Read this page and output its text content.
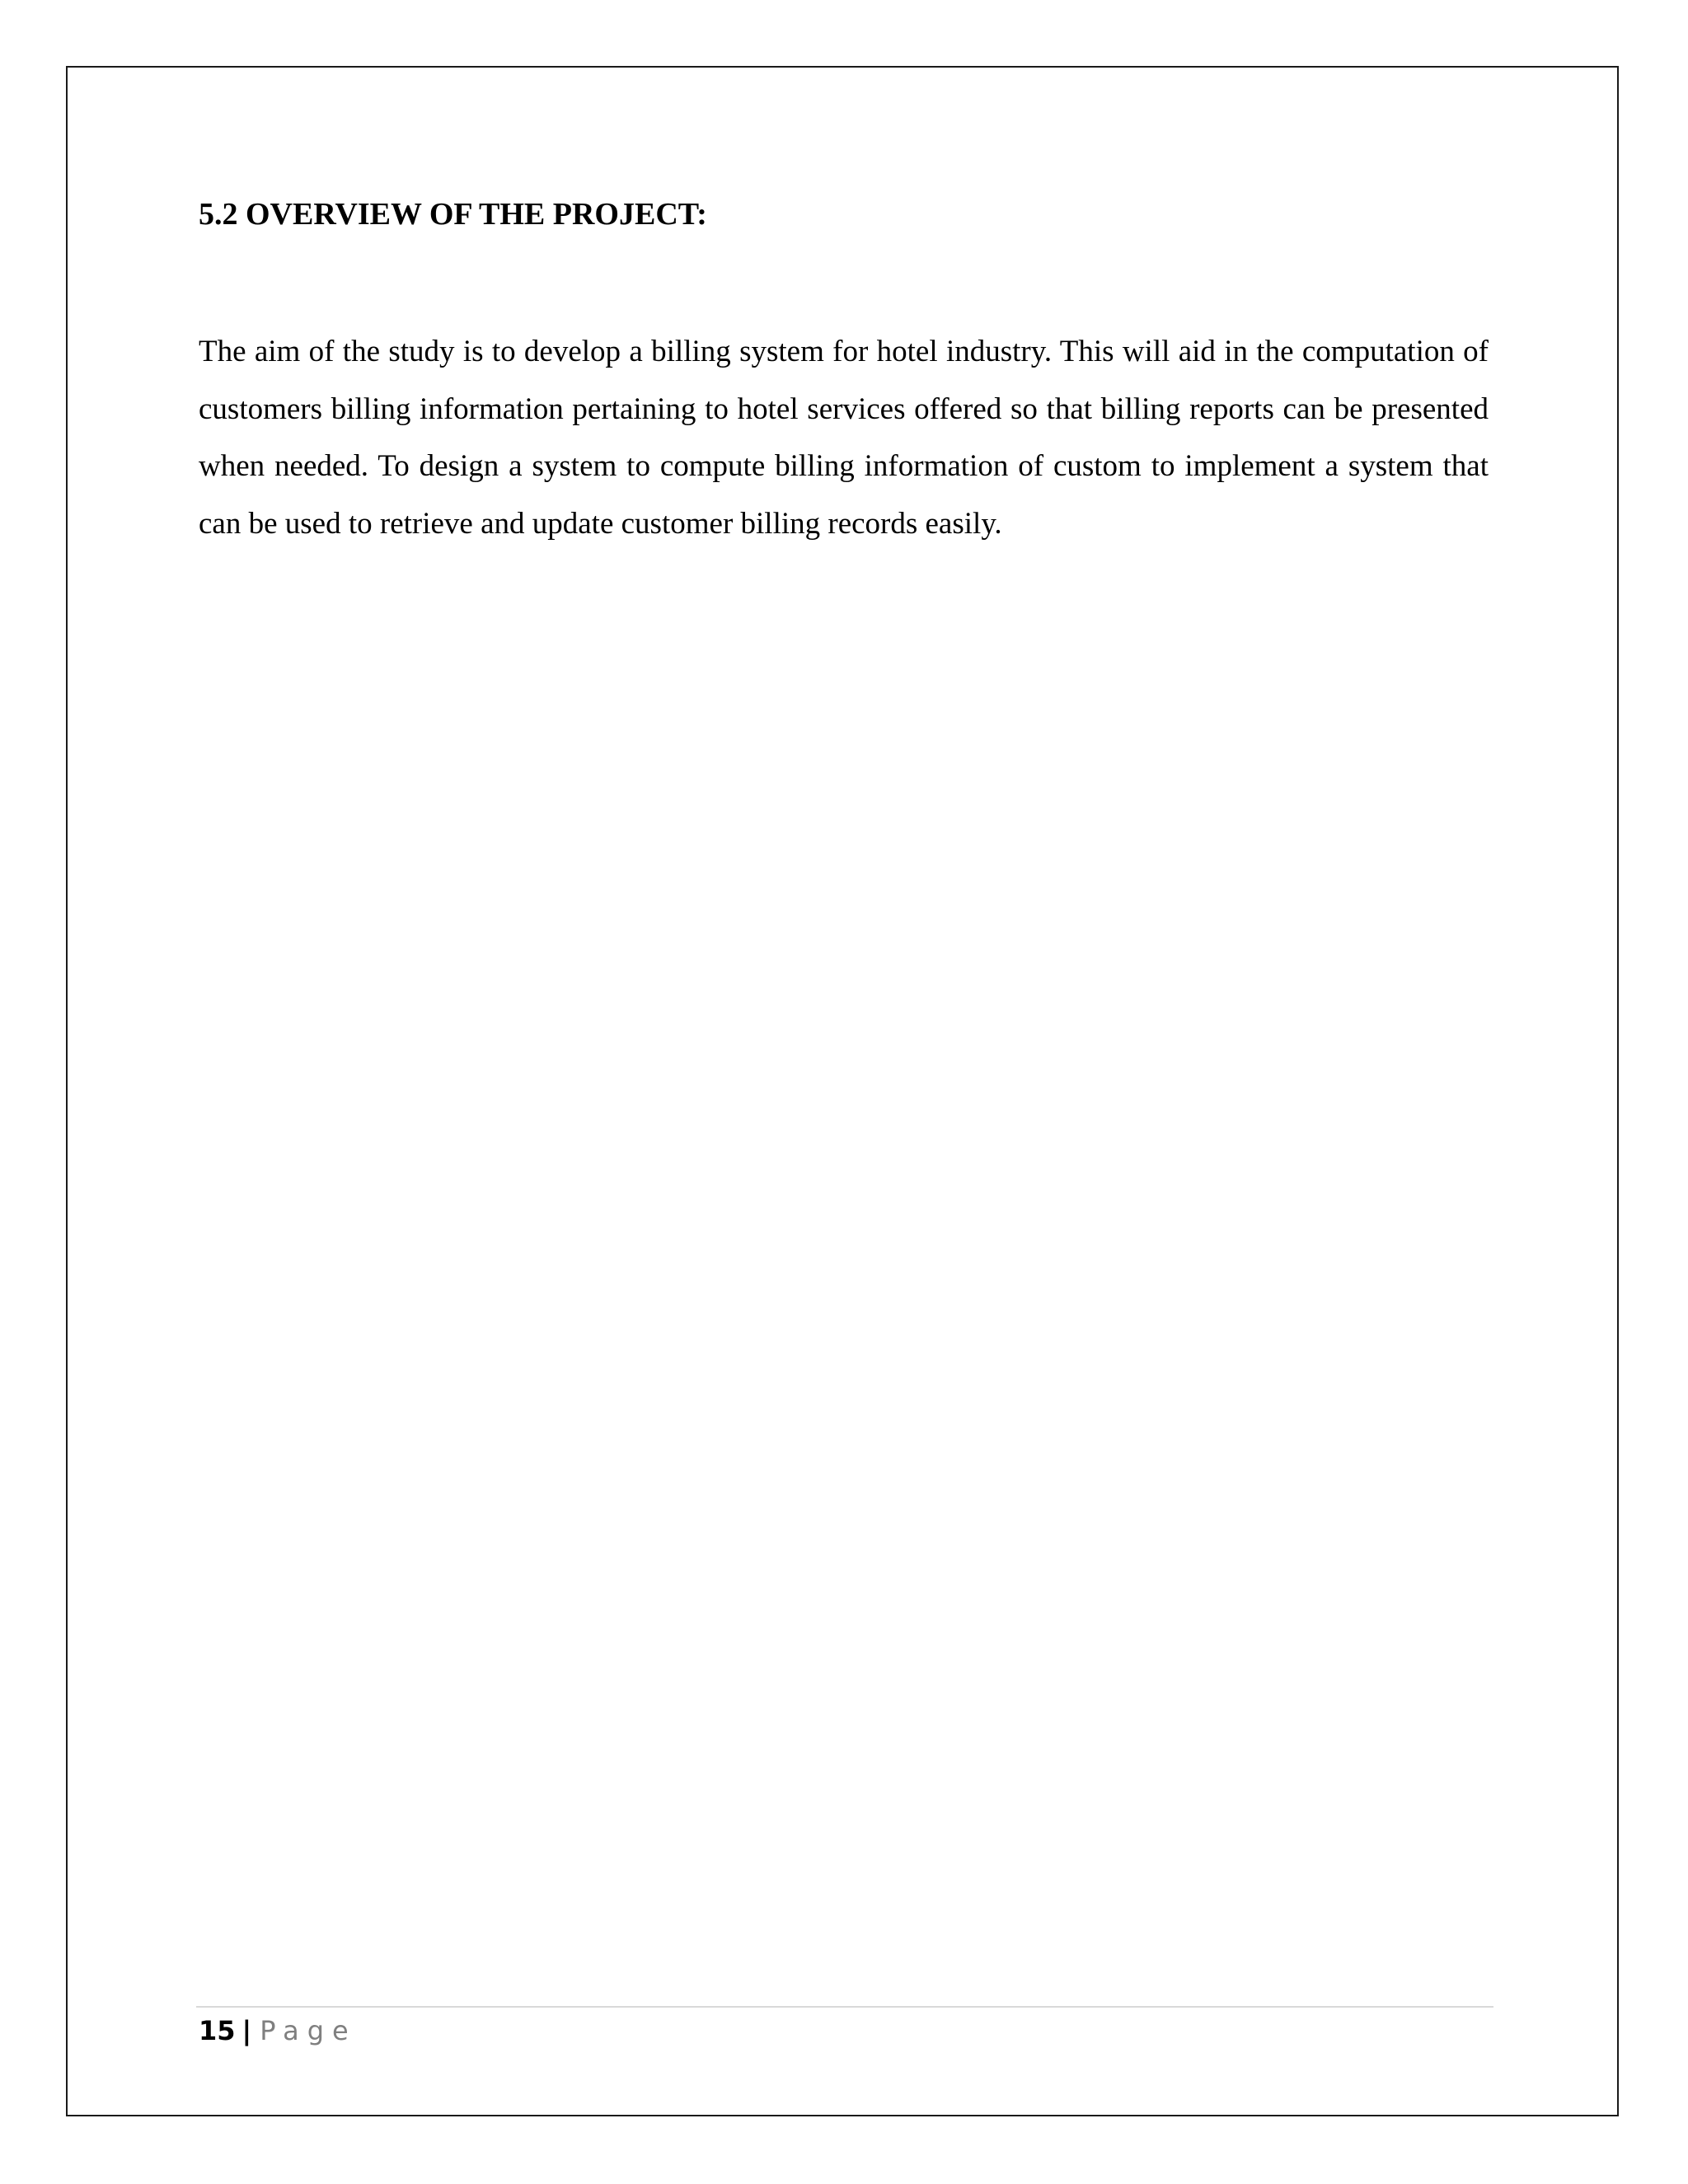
5.2 OVERVIEW OF THE PROJECT:

The aim of the study is to develop a billing system for hotel industry. This will aid in the computation of customers billing information pertaining to hotel services offered so that billing reports can be presented when needed. To design a system to compute billing information of custom to implement a system that can be used to retrieve and update customer billing records easily.

15 | Page
